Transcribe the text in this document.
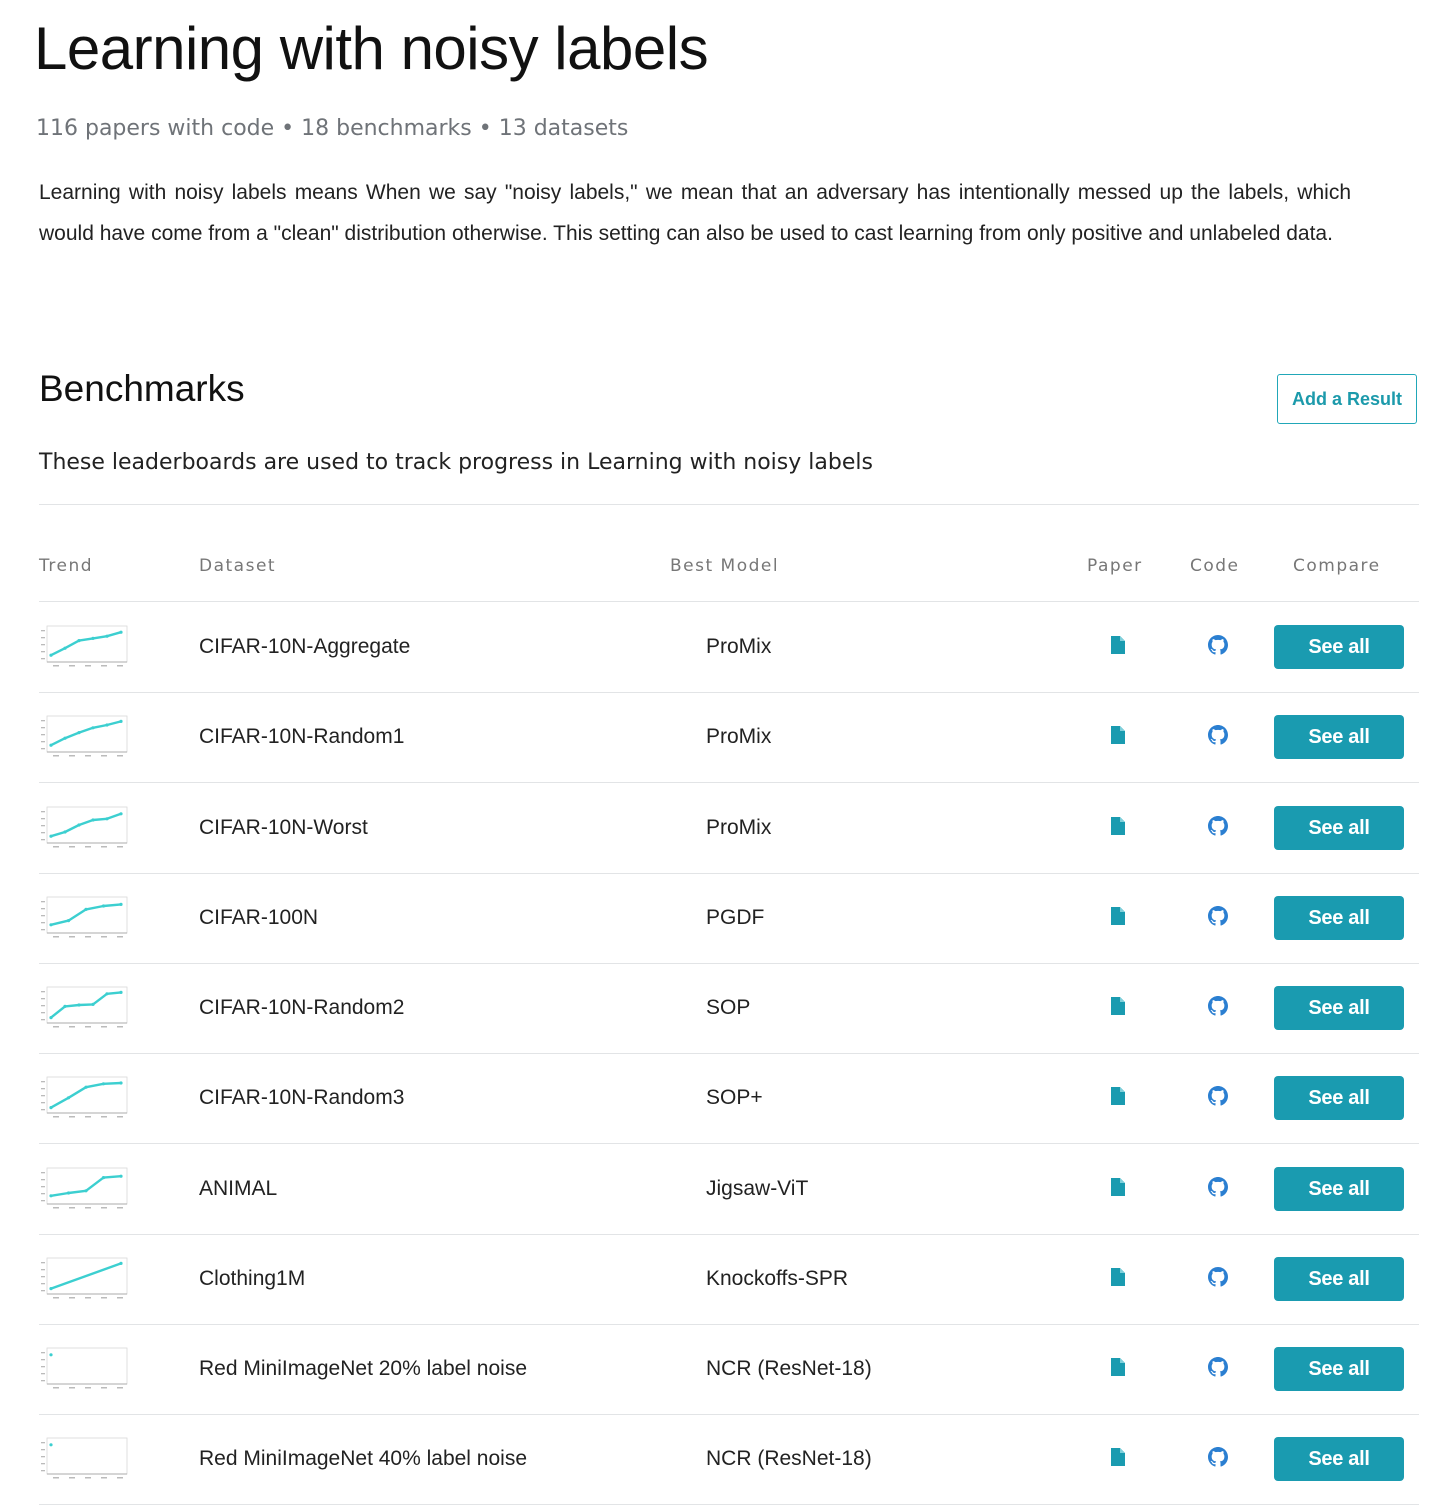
Learning with noisy labels
116 papers with code • 18 benchmarks • 13 datasets

Learning with noisy labels means When we say "noisy labels," we mean that an adversary has intentionally messed up the labels, which would have come from a "clean" distribution otherwise. This setting can also be used to cast learning from only positive and unlabeled data.

Benchmarks	Add a Result
These leaderboards are used to track progress in Learning with noisy labels
Trend	Dataset	Best Model	Paper	Code	Compare
CIFAR-10N-Aggregate	ProMix	See all
CIFAR-10N-Random1	ProMix	See all
CIFAR-10N-Worst	ProMix	See all
CIFAR-100N	PGDF	See all
CIFAR-10N-Random2	SOP	See all
CIFAR-10N-Random3	SOP+	See all
ANIMAL	Jigsaw-ViT	See all
Clothing1M	Knockoffs-SPR	See all
Red MiniImageNet 20% label noise	NCR (ResNet-18)	See all
Red MiniImageNet 40% label noise	NCR (ResNet-18)	See all
